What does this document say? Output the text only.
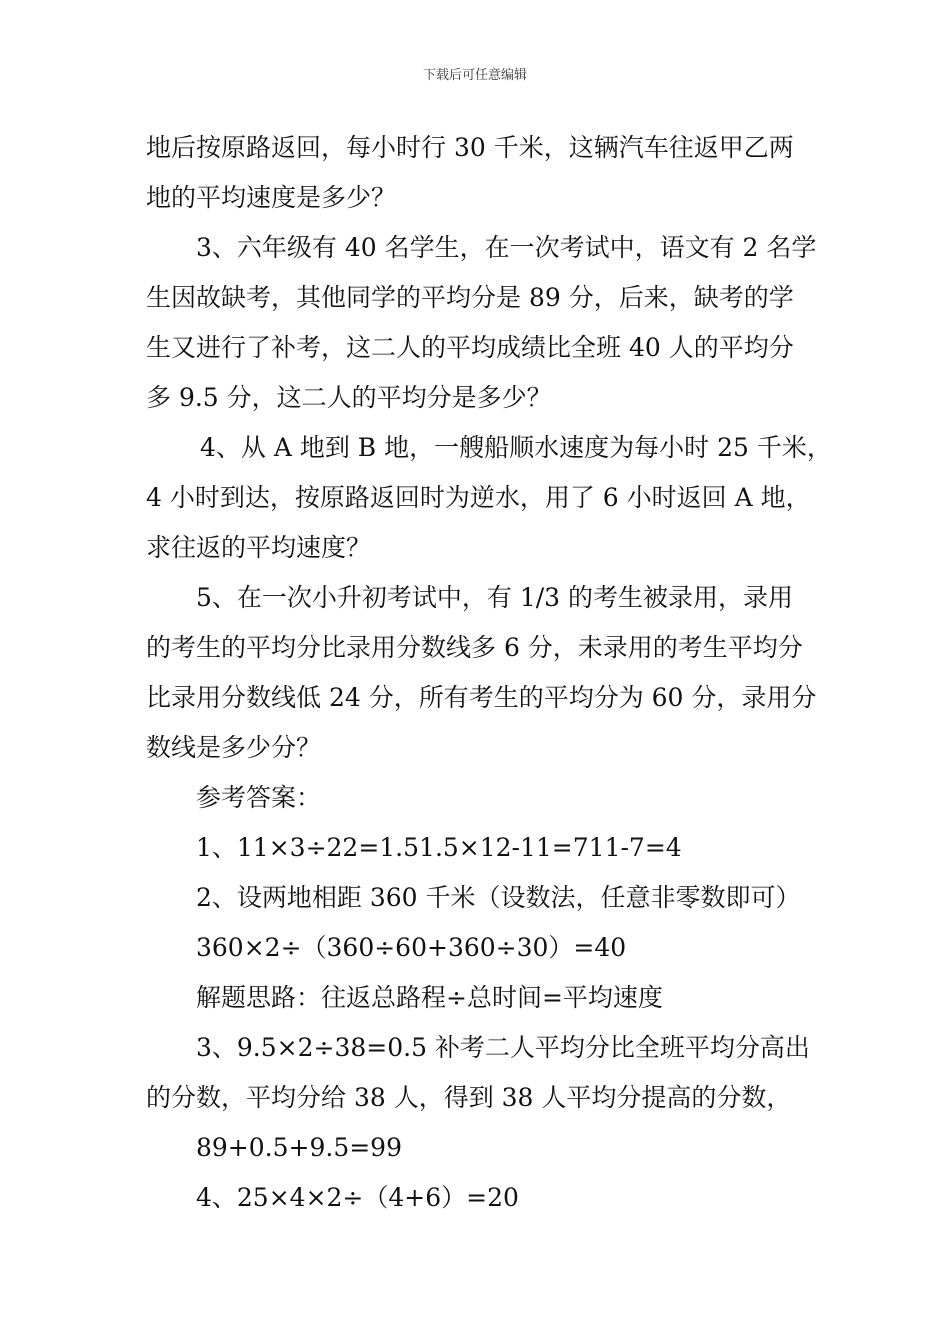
下载后可任意编辑
地后按原路返回，每小时行 30 千米，这辆汽车往返甲乙两
地的平均速度是多少？
3、六年级有 40 名学生，在一次考试中，语文有 2 名学
生因故缺考，其他同学的平均分是 89 分，后来，缺考的学
生又进行了补考，这二人的平均成绩比全班 40 人的平均分
多 9.5 分，这二人的平均分是多少？
4、从 A 地到 B 地，一艘船顺水速度为每小时 25 千米，
4 小时到达，按原路返回时为逆水，用了 6 小时返回 A 地，
求往返的平均速度？
5、在一次小升初考试中，有 1/3 的考生被录用，录用
的考生的平均分比录用分数线多 6 分，未录用的考生平均分
比录用分数线低 24 分，所有考生的平均分为 60 分，录用分
数线是多少分？
参考答案：
1、11×3÷22=1.51.5×12-11=711-7=4
2、设两地相距 360 千米（设数法，任意非零数即可）
360×2÷（360÷60+360÷30）=40
解题思路：往返总路程÷总时间=平均速度
3、9.5×2÷38=0.5 补考二人平均分比全班平均分高出
的分数，平均分给 38 人，得到 38 人平均分提高的分数，
89+0.5+9.5=99
4、25×4×2÷（4+6）=20
